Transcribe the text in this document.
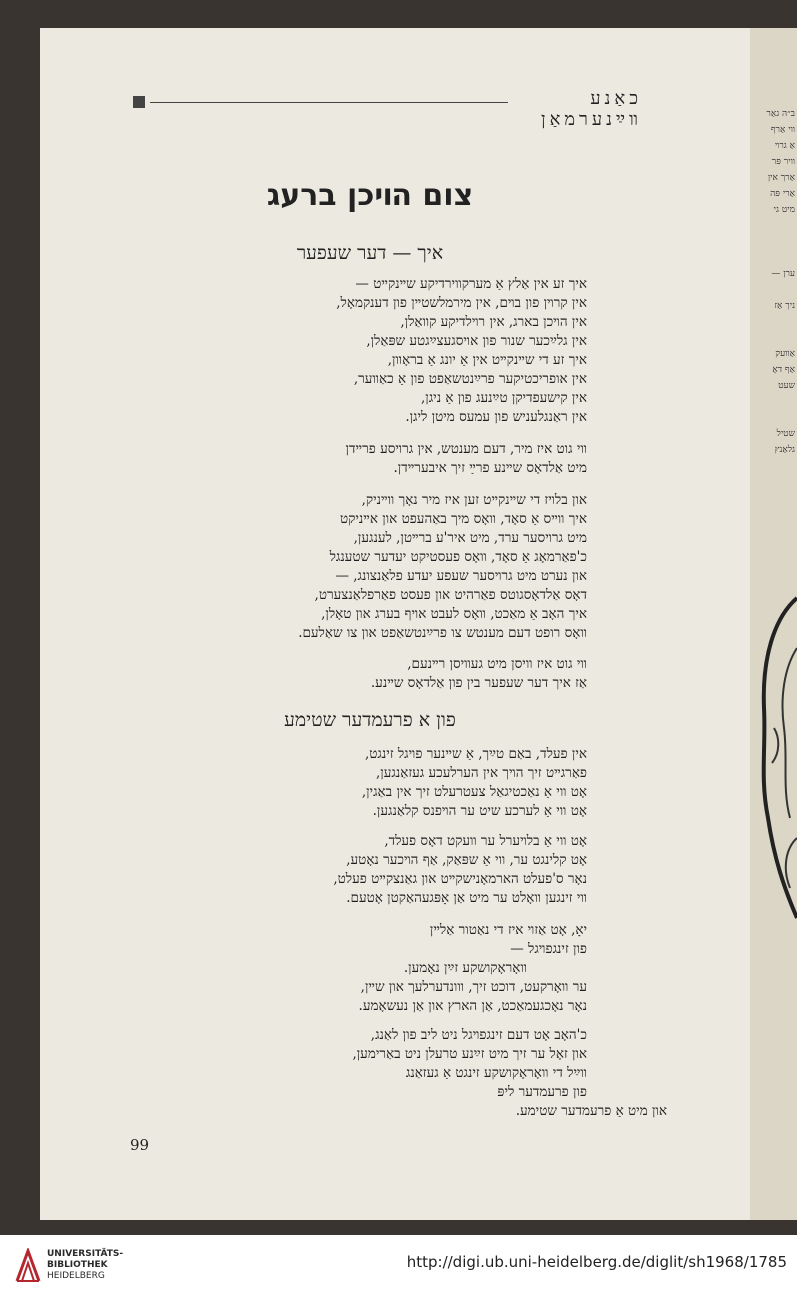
ב״ה גאַר
װי אַרף
אַ גרױ
װיר פּר
אַרך אין
אַרי פּה
מיט גי
ערן —
ניך אַז
אַװעק
אַף דאָ
שעט
שטיל
גלאַנץ
כאַנע װײַנערמאַן
צום הױכן ברעג
איך — דער שעפער
איך זע אין אַלץ אַ מערקװירדיקע שײנקײט —
אין קרױן פון בױם, אין מירמלשטײן פון דענקמאָל,
אין הױכן בארג, אין רױלדיקע קװאַלן,
אין גלײַכער שנור פון אױסגעצײַגטע שפּאַלן,
איך זע די שײנקײט אין אַ יונג אַ בראָװן,
אין אופריכטיקער פרײַנטשאַפט פון אַ כאַװער,
אין קישעפדיקן טײַנעג פון אַ ניגן,
אין ראַנגלעניש פון עמעס מיטן ליגן.
װי גוט איז מיר, דעם מענטש, אין גרױסע פרײדן
מיט אַלדאָס שײנע פרײַ זיך איבערײדן.
און בלױז די שײנקײט זען איז מיר נאָך װײניק,
איך װײס אַ סאָד, װאָס מיך באַהעפט און אײניקט
מיט גרױסער ערד, מיט איר'ע ברײטן, לענגען,
כ'פאַרמאָג אַ סאָד, װאָס פעסטיקט יעדער שטענגל
און נערט מיט גרױסער שעפע יעדע פלאַנצונג, —
דאָס אַלדאָסגוטס פאַרהיט און פעסט פאַרפלאַנצערט,
איך האָב אַ מאַכט, װאָס לעבט אױף בערג און טאָלן,
װאָס רופט דעם מענטש צו פרײַנטשאַפט און צו שאַלעם.
װי גוט איז װיסן מיט געװיסן רײנעם,
אַז איך דער שעפער בין פון אַלדאָס שײנע.
פון א פרעמדער שטימע
אין פעלד, באַם טײַך, אַ שײנער פױגל זינגט,
פאַרגײט זיך הױך אין הערלעכע געזאַנגען,
אָט װי אַ נאַכטיגאַל צעטרעלט זיך אין באַגין,
אָט װי אַ לערכע שיט ער הױפנס קלאַנגען.
אָט װי אַ בלױערל ער װעקט דאָס פעלד,
אָט קלינגט ער, װי אַ שפּאַק, אַף הױכער נאָטע,
נאָר ס'פעלט הארמאָנישקײט און גאַנצקײט פעלט,
װי זינגען װאָלט ער מיט אַן אָפּגעהאַקטן אָטעם.
יאָ, אָט אַזױ איז די נאַטור אַלײן
פון זינגפױגל —
װאָראָקושקע זײַן נאָמען.
ער װאָרקעט, דוכט זיך, װונדערלעך און שײן,
נאָר נאָכגעמאַכט, אַן הארץ און אַן נעשאָמע.
כ'האָב אָט דעם זינגפױגל ניט ליב פון לאַנג,
און זאָל ער זיך מיט זײַנע טרעלן ניט באַרימען,
װײַל די װאָראָקושקע זינגט אַ געזאַנג
פון פרעמדער ליפּ
און מיט אַ פרעמדער שטימע.
99
UNIVERSITÄTS-
BIBLIOTHEK
HEIDELBERG
http://digi.ub.uni-heidelberg.de/diglit/sh1968/1785
